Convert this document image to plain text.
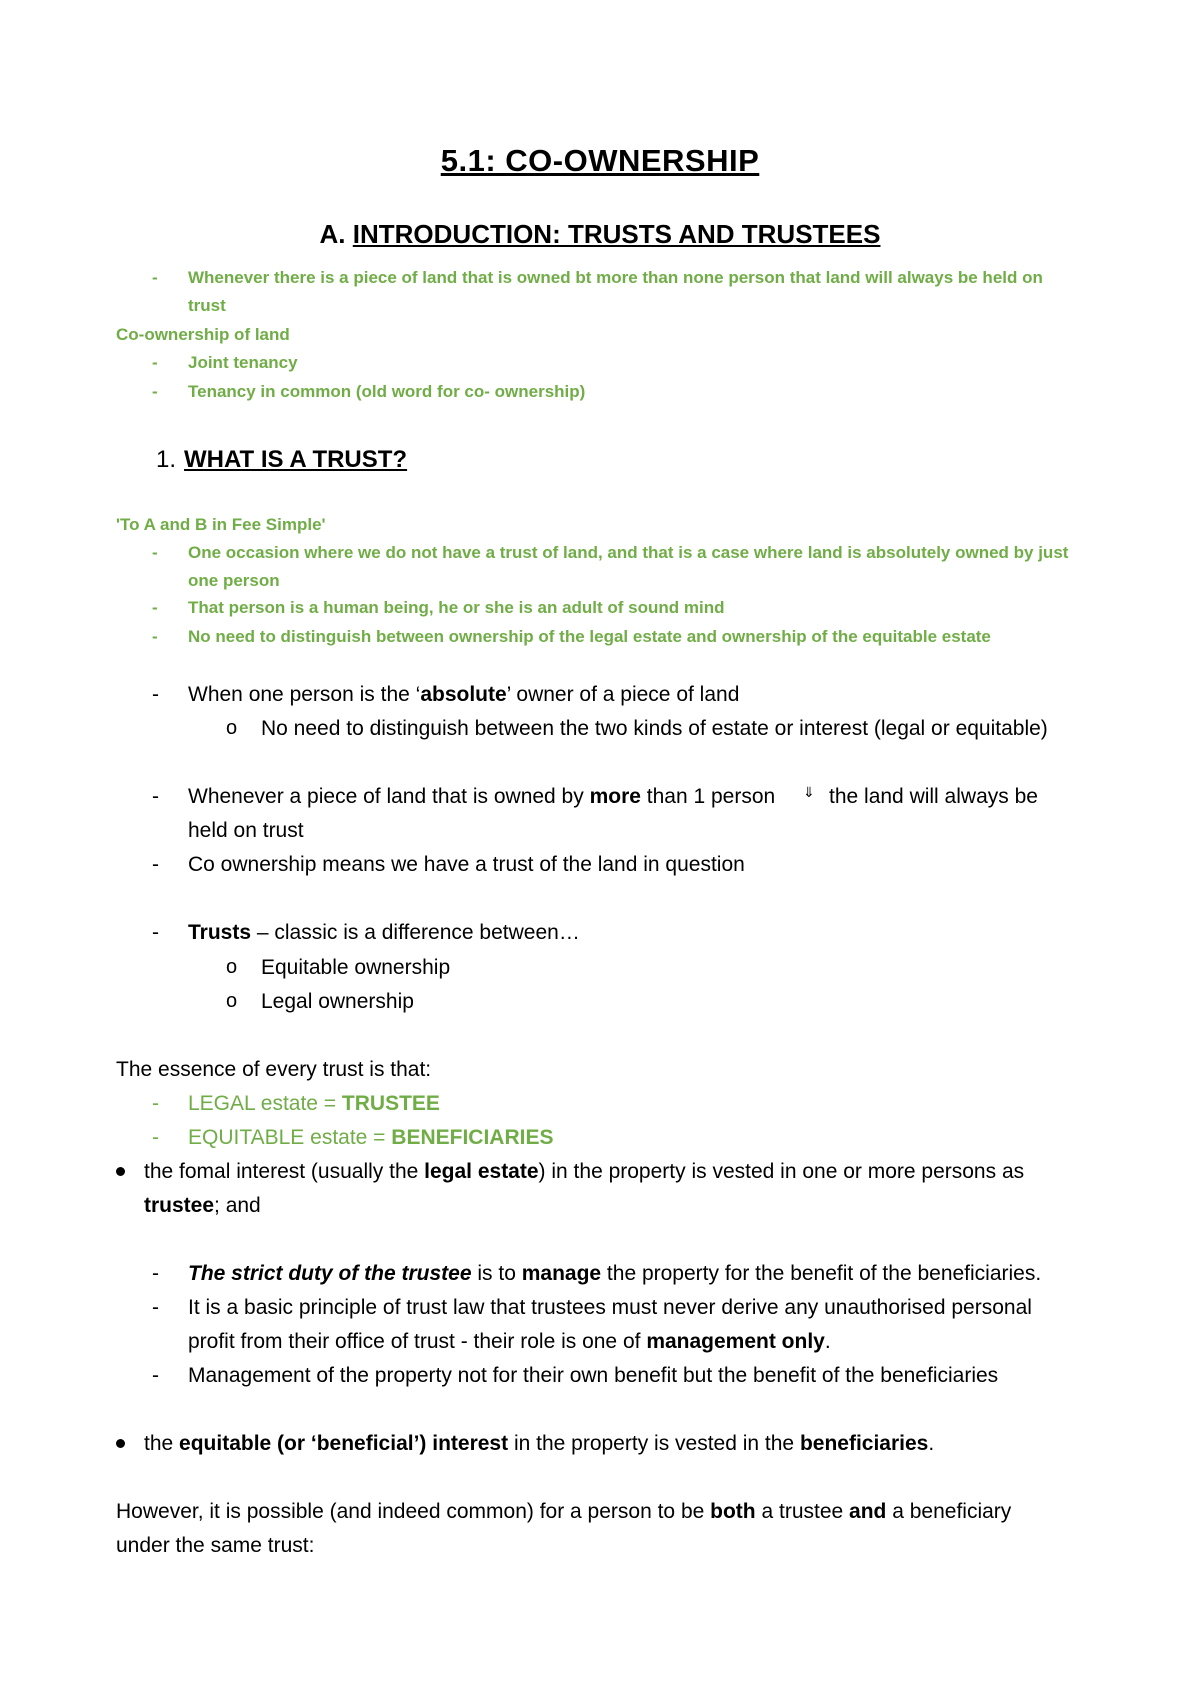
5.1: CO-OWNERSHIP
A. INTRODUCTION: TRUSTS AND TRUSTEES
- Whenever there is a piece of land that is owned bt more than none person that land will always be held on
trust
Co-ownership of land
- Joint tenancy
- Tenancy in common (old word for co- ownership)
1. WHAT IS A TRUST?
'To A and B in Fee Simple'
- One occasion where we do not have a trust of land, and that is a case where land is absolutely owned by just
one person
- That person is a human being, he or she is an adult of sound mind
- No need to distinguish between ownership of the legal estate and ownership of the equitable estate
- When one person is the ‘absolute’ owner of a piece of land
o No need to distinguish between the two kinds of estate or interest (legal or equitable)
- Whenever a piece of land that is owned by more than 1 person ⇓ the land will always be
held on trust
- Co ownership means we have a trust of the land in question
- Trusts – classic is a difference between…
o Equitable ownership
o Legal ownership
The essence of every trust is that:
- LEGAL estate = TRUSTEE
- EQUITABLE estate = BENEFICIARIES
the fomal interest (usually the legal estate) in the property is vested in one or more persons as
trustee; and
- The strict duty of the trustee is to manage the property for the benefit of the beneficiaries.
- It is a basic principle of trust law that trustees must never derive any unauthorised personal
profit from their office of trust - their role is one of management only.
- Management of the property not for their own benefit but the benefit of the beneficiaries
the equitable (or ‘beneficial’) interest in the property is vested in the beneficiaries.
However, it is possible (and indeed common) for a person to be both a trustee and a beneficiary
under the same trust:
